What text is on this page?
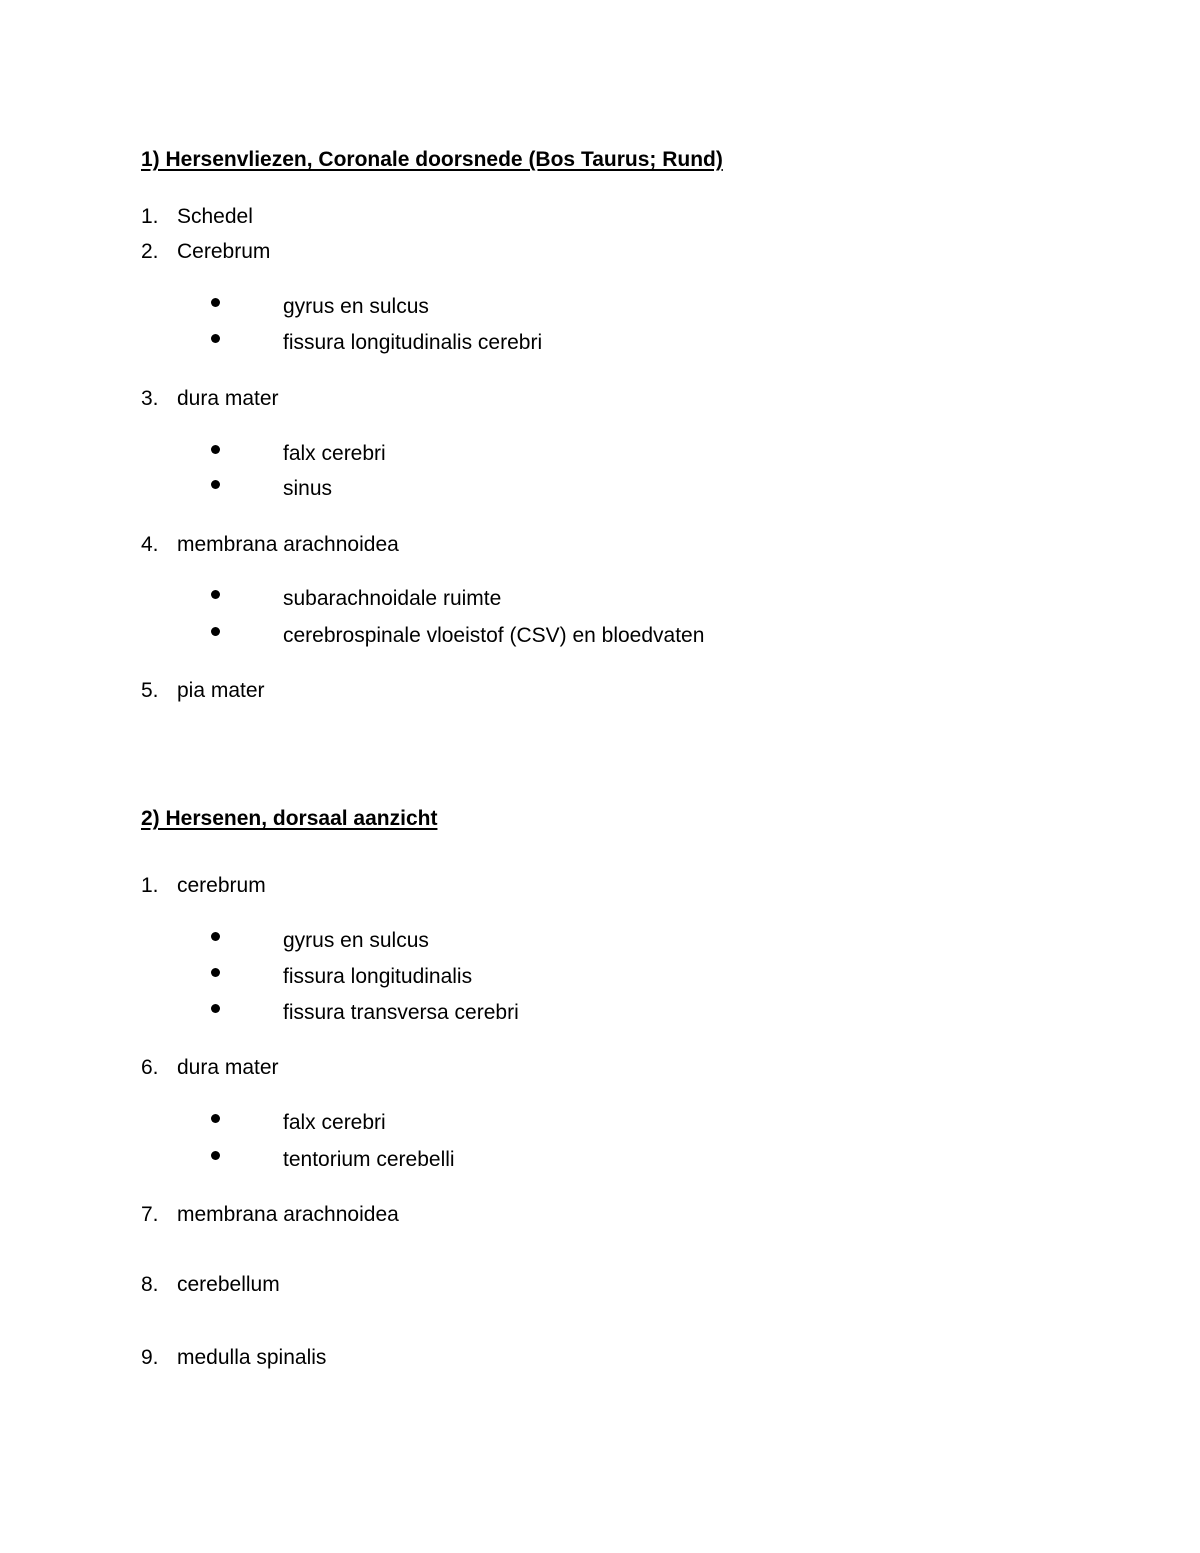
1) Hersenvliezen, Coronale doorsnede (Bos Taurus; Rund)
1. Schedel
2. Cerebrum
gyrus en sulcus
fissura longitudinalis cerebri
3. dura mater
falx cerebri
sinus
4. membrana arachnoidea
subarachnoidale ruimte
cerebrospinale vloeistof (CSV) en bloedvaten
5. pia mater
2) Hersenen, dorsaal aanzicht
1. cerebrum
gyrus en sulcus
fissura longitudinalis
fissura transversa cerebri
6. dura mater
falx cerebri
tentorium cerebelli
7. membrana arachnoidea
8. cerebellum
9. medulla spinalis
